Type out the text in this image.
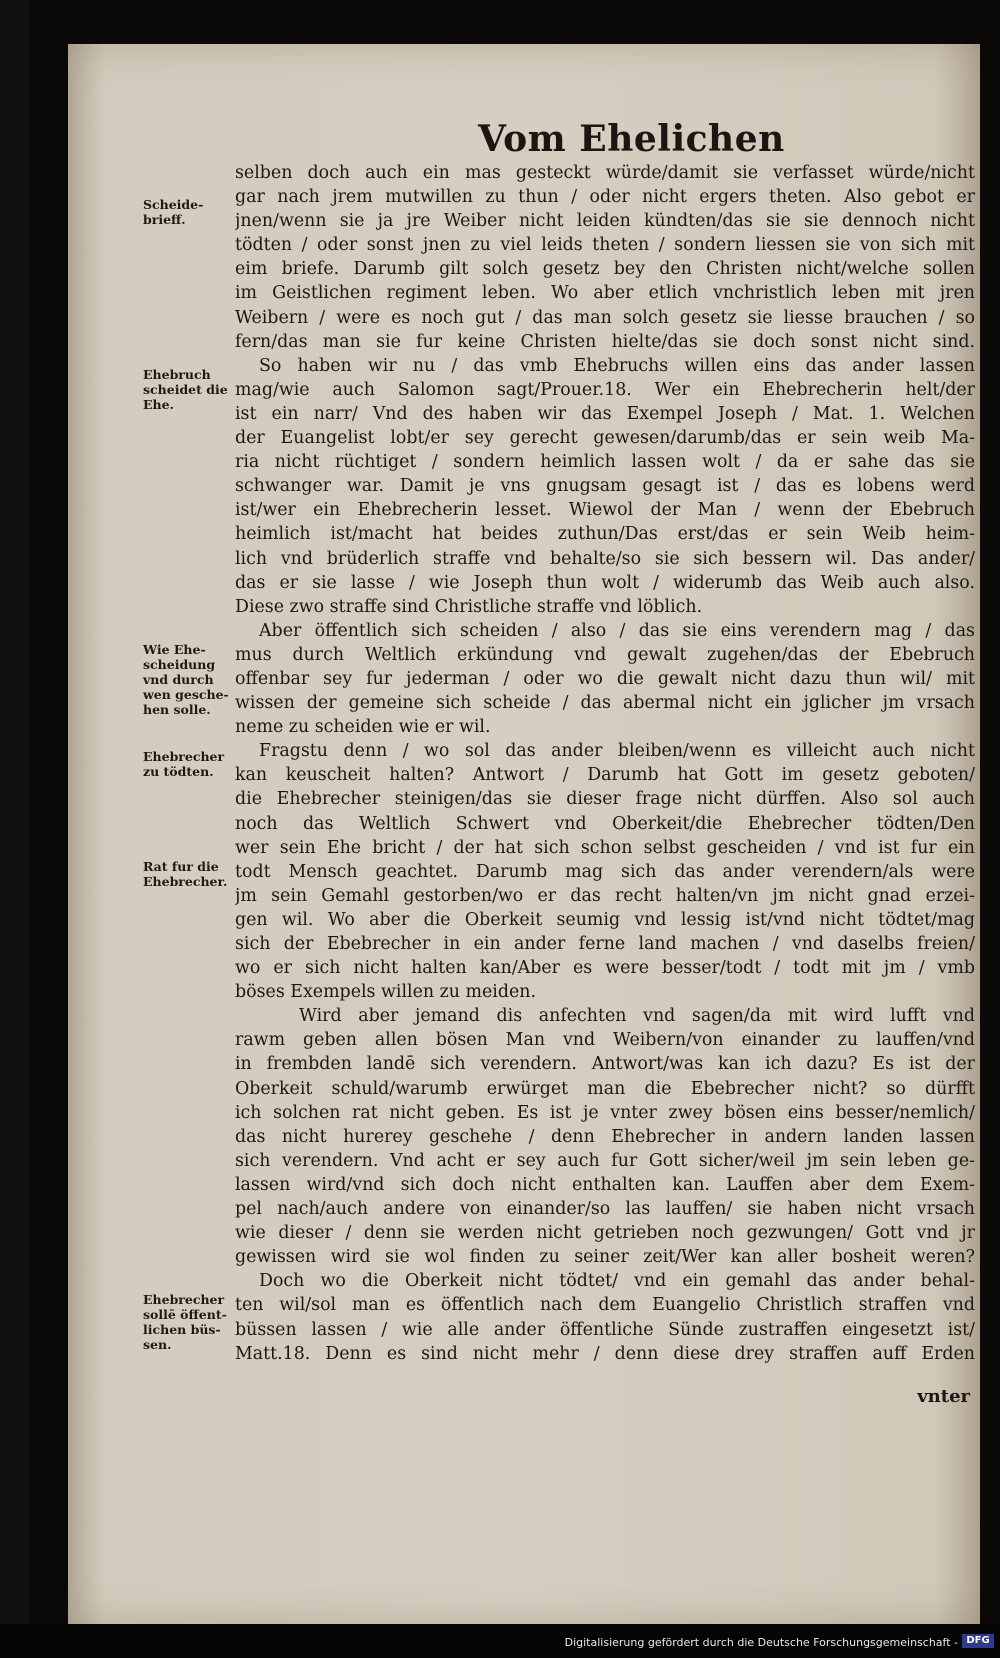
Vom Ehelichen
selben doch auch ein mas gesteckt würde/damit sie verfasset würde/nicht
gar nach jrem mutwillen zu thun / oder nicht ergers theten. Also gebot er
jnen/wenn sie ja jre Weiber nicht leiden kündten/das sie sie dennoch nicht
tödten / oder sonst jnen zu viel leids theten / sondern liessen sie von sich mit
eim briefe. Darumb gilt solch gesetz bey den Christen nicht/welche sollen
im Geistlichen regiment leben. Wo aber etlich vnchristlich leben mit jren
Weibern / were es noch gut / das man solch gesetz sie liesse brauchen / so
fern/das man sie fur keine Christen hielte/das sie doch sonst nicht sind.
So haben wir nu / das vmb Ehebruchs willen eins das ander lassen
mag/wie auch Salomon sagt/Prouer.18. Wer ein Ehebrecherin helt/der
ist ein narr/ Vnd des haben wir das Exempel Joseph / Mat. 1. Welchen
der Euangelist lobt/er sey gerecht gewesen/darumb/das er sein weib Ma-
ria nicht rüchtiget / sondern heimlich lassen wolt / da er sahe das sie
schwanger war. Damit je vns gnugsam gesagt ist / das es lobens werd
ist/wer ein Ehebrecherin lesset. Wiewol der Man / wenn der Ebebruch
heimlich ist/macht hat beides zuthun/Das erst/das er sein Weib heim-
lich vnd brüderlich straffe vnd behalte/so sie sich bessern wil. Das ander/
das er sie lasse / wie Joseph thun wolt / widerumb das Weib auch also.
Diese zwo straffe sind Christliche straffe vnd löblich.
Aber öffentlich sich scheiden / also / das sie eins verendern mag / das
mus durch Weltlich erkündung vnd gewalt zugehen/das der Ebebruch
offenbar sey fur jederman / oder wo die gewalt nicht dazu thun wil/ mit
wissen der gemeine sich scheide / das abermal nicht ein jglicher jm vrsach
neme zu scheiden wie er wil.
Fragstu denn / wo sol das ander bleiben/wenn es villeicht auch nicht
kan keuscheit halten? Antwort / Darumb hat Gott im gesetz geboten/
die Ehebrecher steinigen/das sie dieser frage nicht dürffen. Also sol auch
noch das Weltlich Schwert vnd Oberkeit/die Ehebrecher tödten/Den
wer sein Ehe bricht / der hat sich schon selbst gescheiden / vnd ist fur ein
todt Mensch geachtet. Darumb mag sich das ander verendern/als were
jm sein Gemahl gestorben/wo er das recht halten/vn jm nicht gnad erzei-
gen wil. Wo aber die Oberkeit seumig vnd lessig ist/vnd nicht tödtet/mag
sich der Ebebrecher in ein ander ferne land machen / vnd daselbs freien/
wo er sich nicht halten kan/Aber es were besser/todt / todt mit jm / vmb
böses Exempels willen zu meiden.
Wird aber jemand dis anfechten vnd sagen/da mit wird lufft vnd
rawm geben allen bösen Man vnd Weibern/von einander zu lauffen/vnd
in frembden landē sich verendern. Antwort/was kan ich dazu? Es ist der
Oberkeit schuld/warumb erwürget man die Ebebrecher nicht? so dürfft
ich solchen rat nicht geben. Es ist je vnter zwey bösen eins besser/nemlich/
das nicht hurerey geschehe / denn Ehebrecher in andern landen lassen
sich verendern. Vnd acht er sey auch fur Gott sicher/weil jm sein leben ge-
lassen wird/vnd sich doch nicht enthalten kan. Lauffen aber dem Exem-
pel nach/auch andere von einander/so las lauffen/ sie haben nicht vrsach
wie dieser / denn sie werden nicht getrieben noch gezwungen/ Gott vnd jr
gewissen wird sie wol finden zu seiner zeit/Wer kan aller bosheit weren?
Doch wo die Oberkeit nicht tödtet/ vnd ein gemahl das ander behal-
ten wil/sol man es öffentlich nach dem Euangelio Christlich straffen vnd
büssen lassen / wie alle ander öffentliche Sünde zustraffen eingesetzt ist/
Matt.18. Denn es sind nicht mehr / denn diese drey straffen auff Erden
vnter

Scheide-brieff.

Ehebruch scheidet die Ehe.

Wie Ehe-scheidung vnd durch wen gesche-hen solle.

Ehebrecher zu tödten.

Rat fur die Ehebrecher.

Ehebrecher sollē öffent-lichen büs-sen.

Digitalisierung gefördert durch die Deutsche Forschungsgemeinschaft - DFG
